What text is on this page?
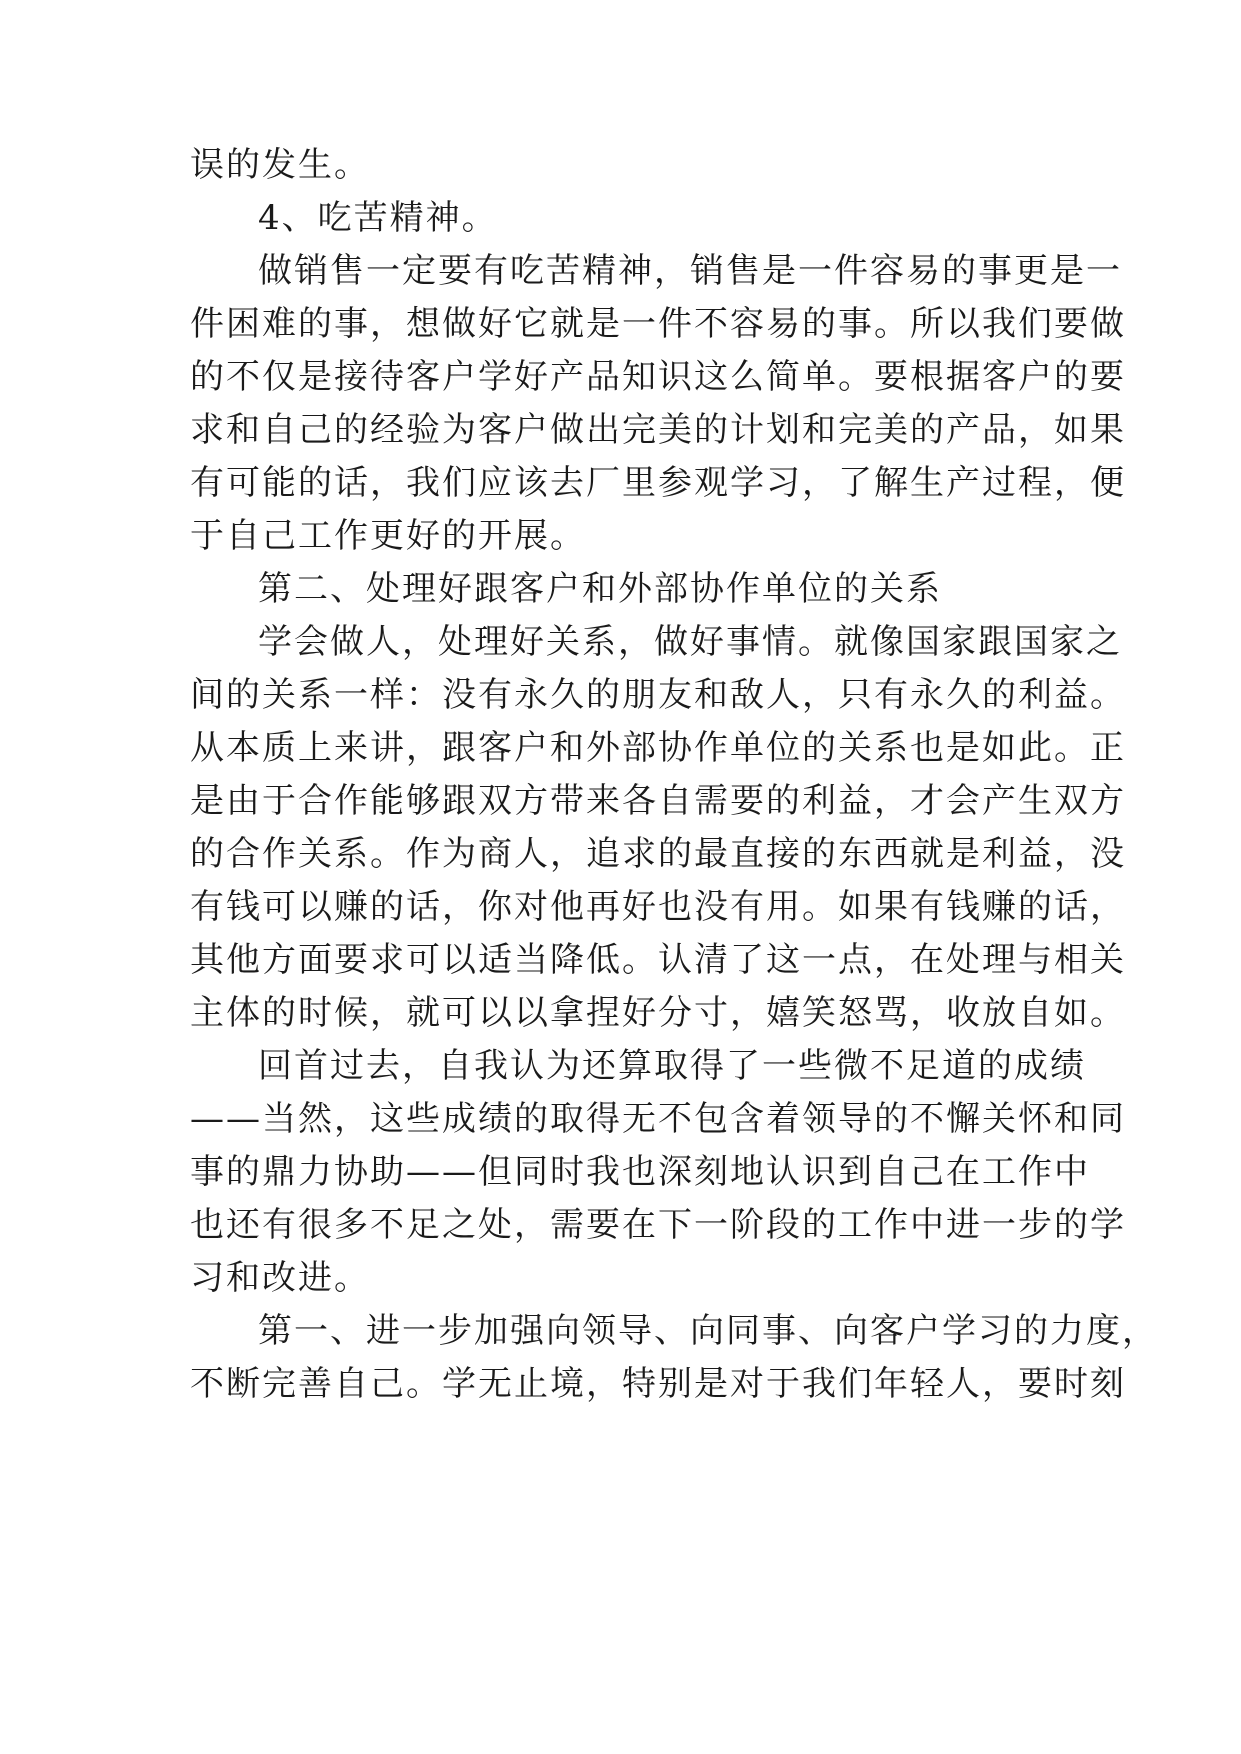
误的发生。
4、吃苦精神。
做销售一定要有吃苦精神，销售是一件容易的事更是一
件困难的事，想做好它就是一件不容易的事。所以我们要做
的不仅是接待客户学好产品知识这么简单。要根据客户的要
求和自己的经验为客户做出完美的计划和完美的产品，如果
有可能的话，我们应该去厂里参观学习，了解生产过程，便
于自己工作更好的开展。
第二、处理好跟客户和外部协作单位的关系
学会做人，处理好关系，做好事情。就像国家跟国家之
间的关系一样：没有永久的朋友和敌人，只有永久的利益。
从本质上来讲，跟客户和外部协作单位的关系也是如此。正
是由于合作能够跟双方带来各自需要的利益，才会产生双方
的合作关系。作为商人，追求的最直接的东西就是利益，没
有钱可以赚的话，你对他再好也没有用。如果有钱赚的话，
其他方面要求可以适当降低。认清了这一点，在处理与相关
主体的时候，就可以以拿捏好分寸，嬉笑怒骂，收放自如。
回首过去，自我认为还算取得了一些微不足道的成绩
——当然，这些成绩的取得无不包含着领导的不懈关怀和同
事的鼎力协助——但同时我也深刻地认识到自己在工作中
也还有很多不足之处，需要在下一阶段的工作中进一步的学
习和改进。
第一、进一步加强向领导、向同事、向客户学习的力度，
不断完善自己。学无止境，特别是对于我们年轻人，要时刻
